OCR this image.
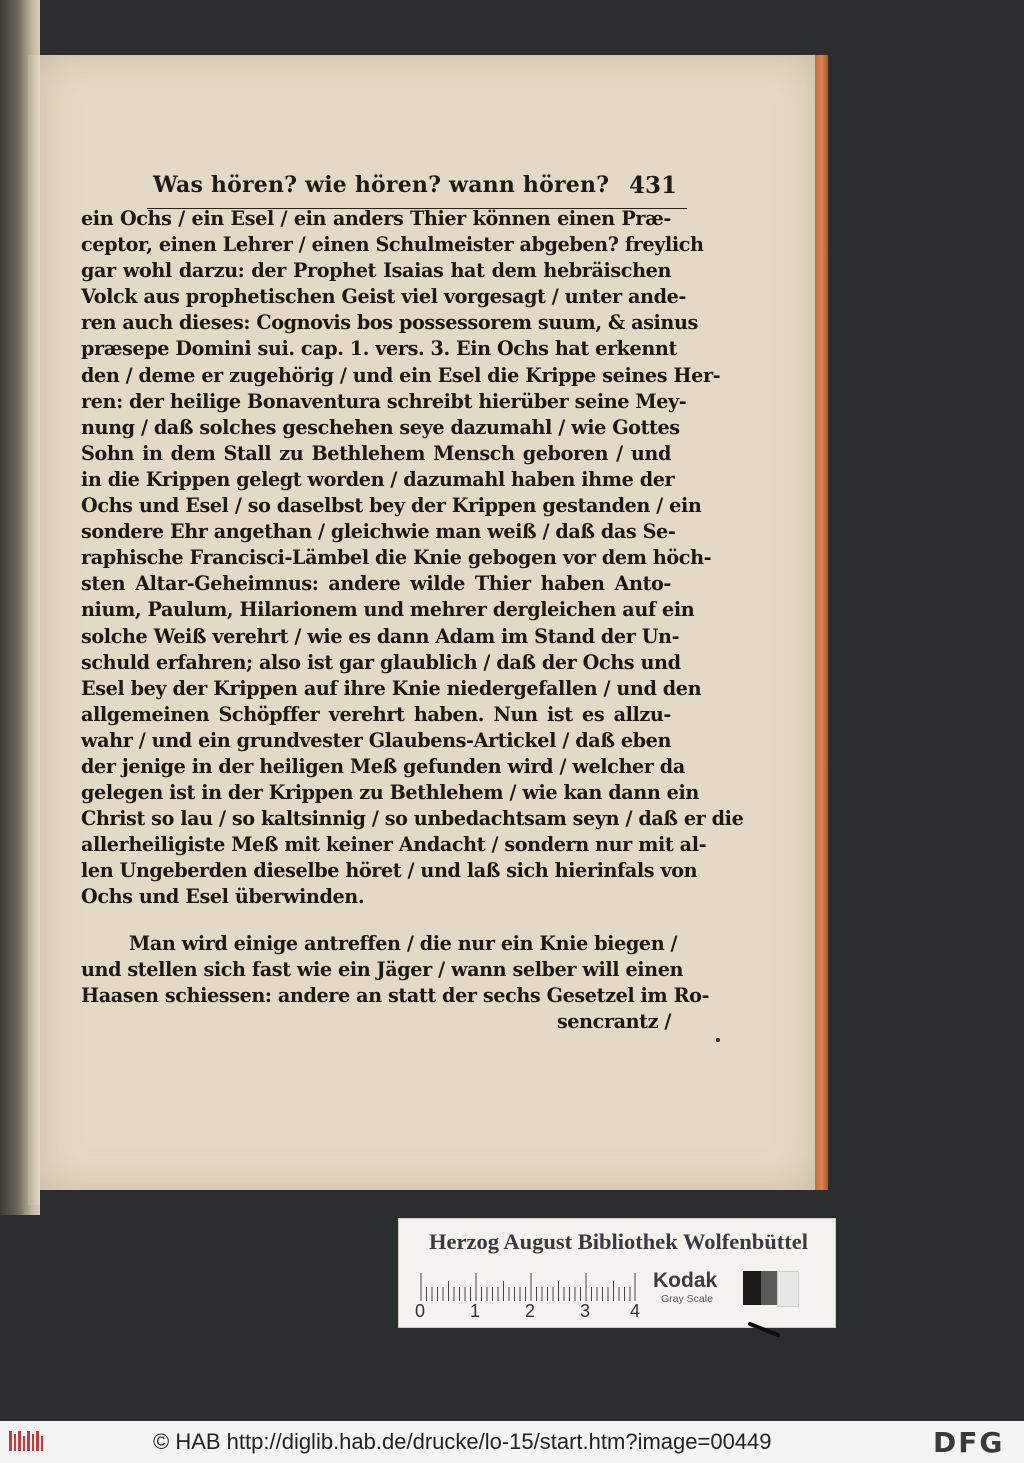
Was hören? wie hören? wann hören? 431
ein Ochs / ein Esel / ein anders Thier können einen Præ-
ceptor, einen Lehrer / einen Schulmeister abgeben? freylich
gar wohl darzu: der Prophet Isaias hat dem hebräischen
Volck aus prophetischen Geist viel vorgesagt / unter ande-
ren auch dieses: Cognovis bos possessorem suum, & asinus
præsepe Domini sui. cap. 1. vers. 3. Ein Ochs hat erkennt
den / deme er zugehörig / und ein Esel die Krippe seines Her-
ren: der heilige Bonaventura schreibt hierüber seine Mey-
nung / daß solches geschehen seye dazumahl / wie Gottes
Sohn in dem Stall zu Bethlehem Mensch geboren / und
in die Krippen gelegt worden / dazumahl haben ihme der
Ochs und Esel / so daselbst bey der Krippen gestanden / ein
sondere Ehr angethan / gleichwie man weiß / daß das Se-
raphische Francisci-Lämbel die Knie gebogen vor dem höch-
sten Altar-Geheimnus: andere wilde Thier haben Anto-
nium, Paulum, Hilarionem und mehrer dergleichen auf ein
solche Weiß verehrt / wie es dann Adam im Stand der Un-
schuld erfahren; also ist gar glaublich / daß der Ochs und
Esel bey der Krippen auf ihre Knie niedergefallen / und den
allgemeinen Schöpffer verehrt haben. Nun ist es allzu-
wahr / und ein grundvester Glaubens-Artickel / daß eben
der jenige in der heiligen Meß gefunden wird / welcher da
gelegen ist in der Krippen zu Bethlehem / wie kan dann ein
Christ so lau / so kaltsinnig / so unbedachtsam seyn / daß er die
allerheiligiste Meß mit keiner Andacht / sondern nur mit al-
len Ungeberden dieselbe höret / und laß sich hierinfals von
Ochs und Esel überwinden.
Man wird einige antreffen / die nur ein Knie biegen /
und stellen sich fast wie ein Jäger / wann selber will einen
Haasen schiessen: andere an statt der sechs Gesetzel im Ro-
sencrantz /
Herzog August Bibliothek Wolfenbüttel
0 1 2 3 4
Kodak
Gray Scale
© HAB http://diglib.hab.de/drucke/lo-15/start.htm?image=00449	DFG
